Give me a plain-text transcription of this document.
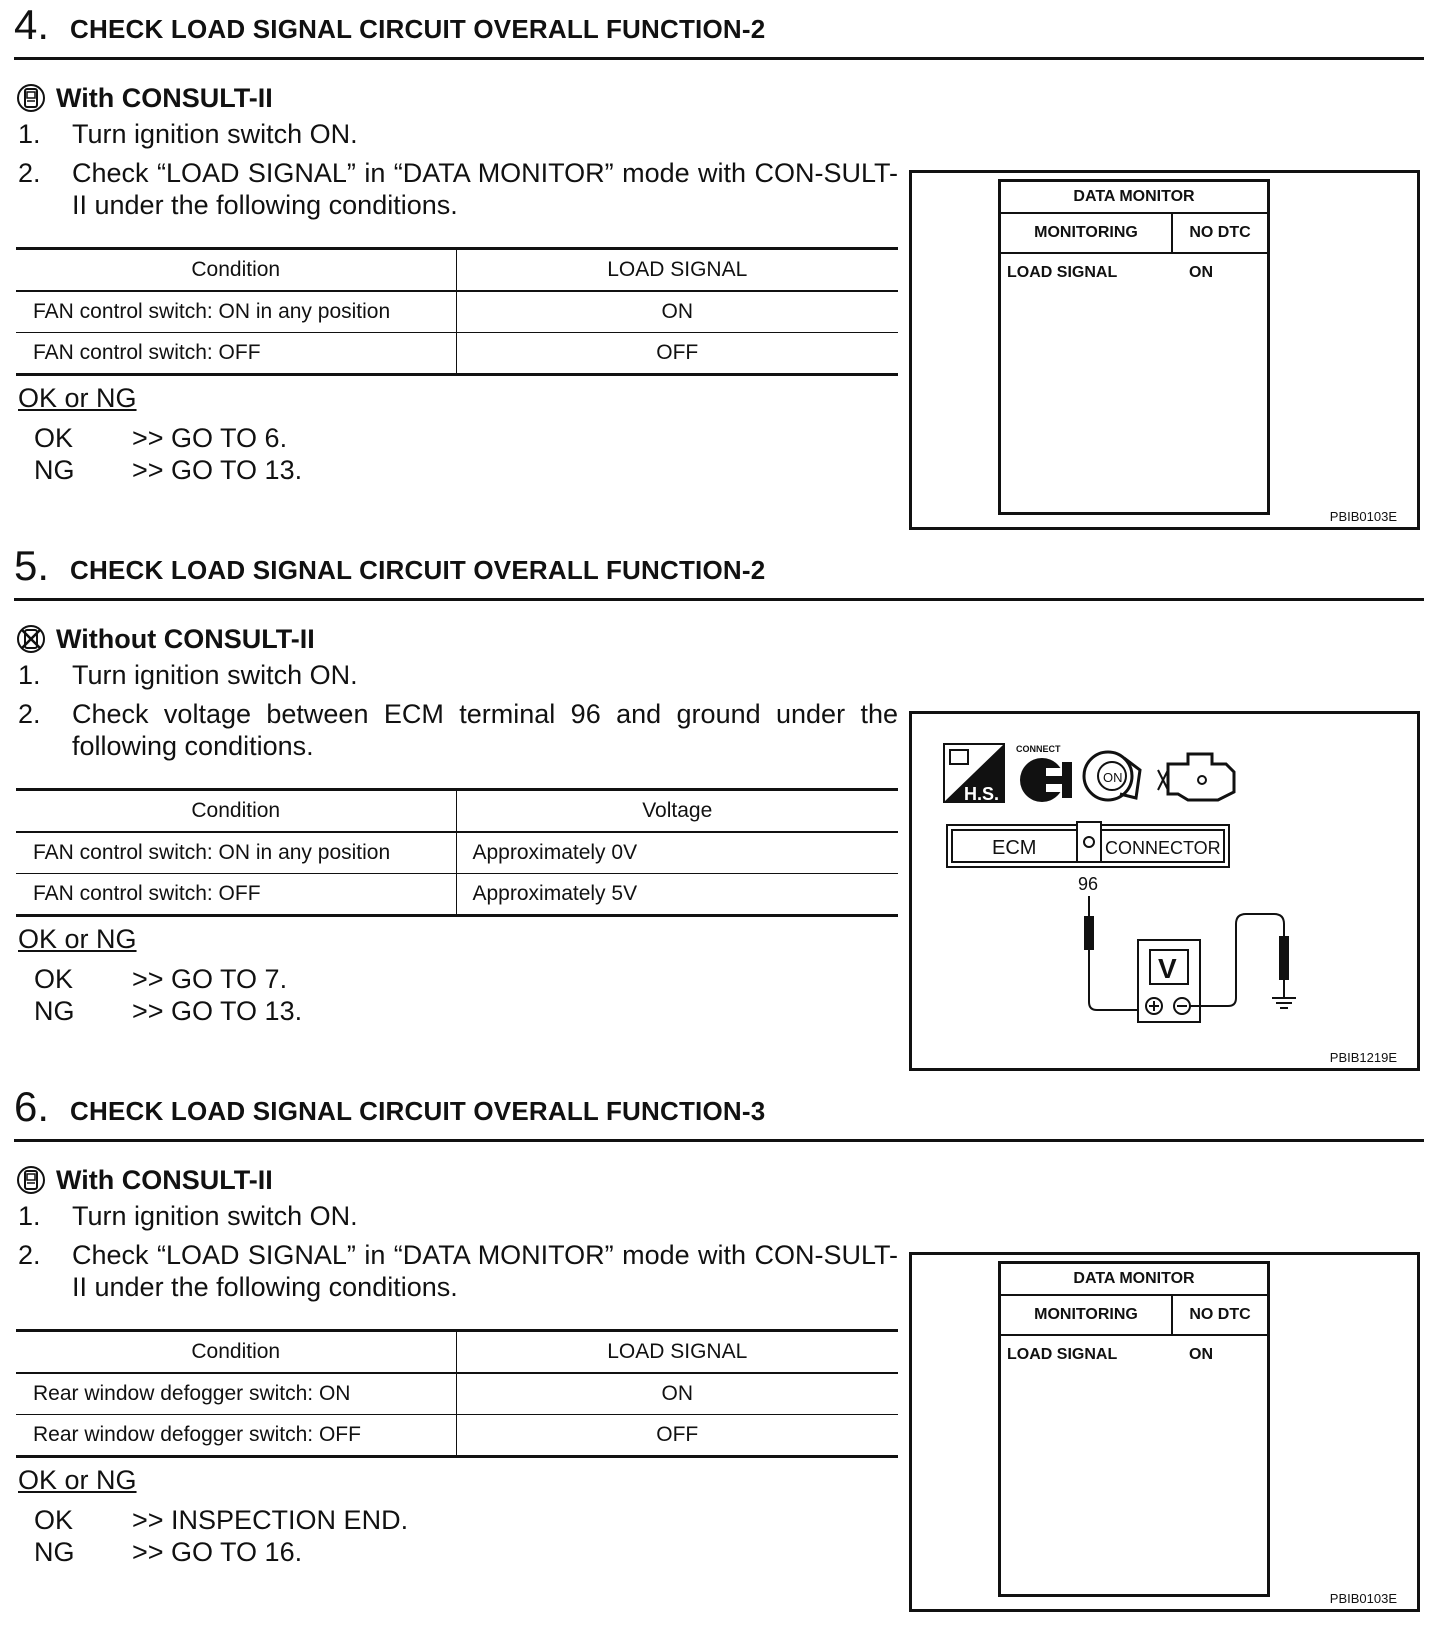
4. CHECK LOAD SIGNAL CIRCUIT OVERALL FUNCTION-2
With CONSULT-II
1. Turn ignition switch ON.
2. Check “LOAD SIGNAL” in “DATA MONITOR” mode with CON-SULT-II under the following conditions.
Condition	LOAD SIGNAL
FAN control switch: ON in any position	ON
FAN control switch: OFF	OFF
OK or NG
OK >> GO TO 6.
NG >> GO TO 13.
DATA MONITOR
MONITORING	NO DTC
LOAD SIGNAL	ON
PBIB0103E
5. CHECK LOAD SIGNAL CIRCUIT OVERALL FUNCTION-2
Without CONSULT-II
1. Turn ignition switch ON.
2. Check voltage between ECM terminal 96 and ground under the following conditions.
Condition	Voltage
FAN control switch: ON in any position	Approximately 0V
FAN control switch: OFF	Approximately 5V
OK or NG
OK >> GO TO 7.
NG >> GO TO 13.
H.S.
CONNECT
ON
ECM	CONNECTOR
96
V
PBIB1219E
6. CHECK LOAD SIGNAL CIRCUIT OVERALL FUNCTION-3
With CONSULT-II
1. Turn ignition switch ON.
2. Check “LOAD SIGNAL” in “DATA MONITOR” mode with CON-SULT-II under the following conditions.
Condition	LOAD SIGNAL
Rear window defogger switch: ON	ON
Rear window defogger switch: OFF	OFF
OK or NG
OK >> INSPECTION END.
NG >> GO TO 16.
DATA MONITOR
MONITORING	NO DTC
LOAD SIGNAL	ON
PBIB0103E
